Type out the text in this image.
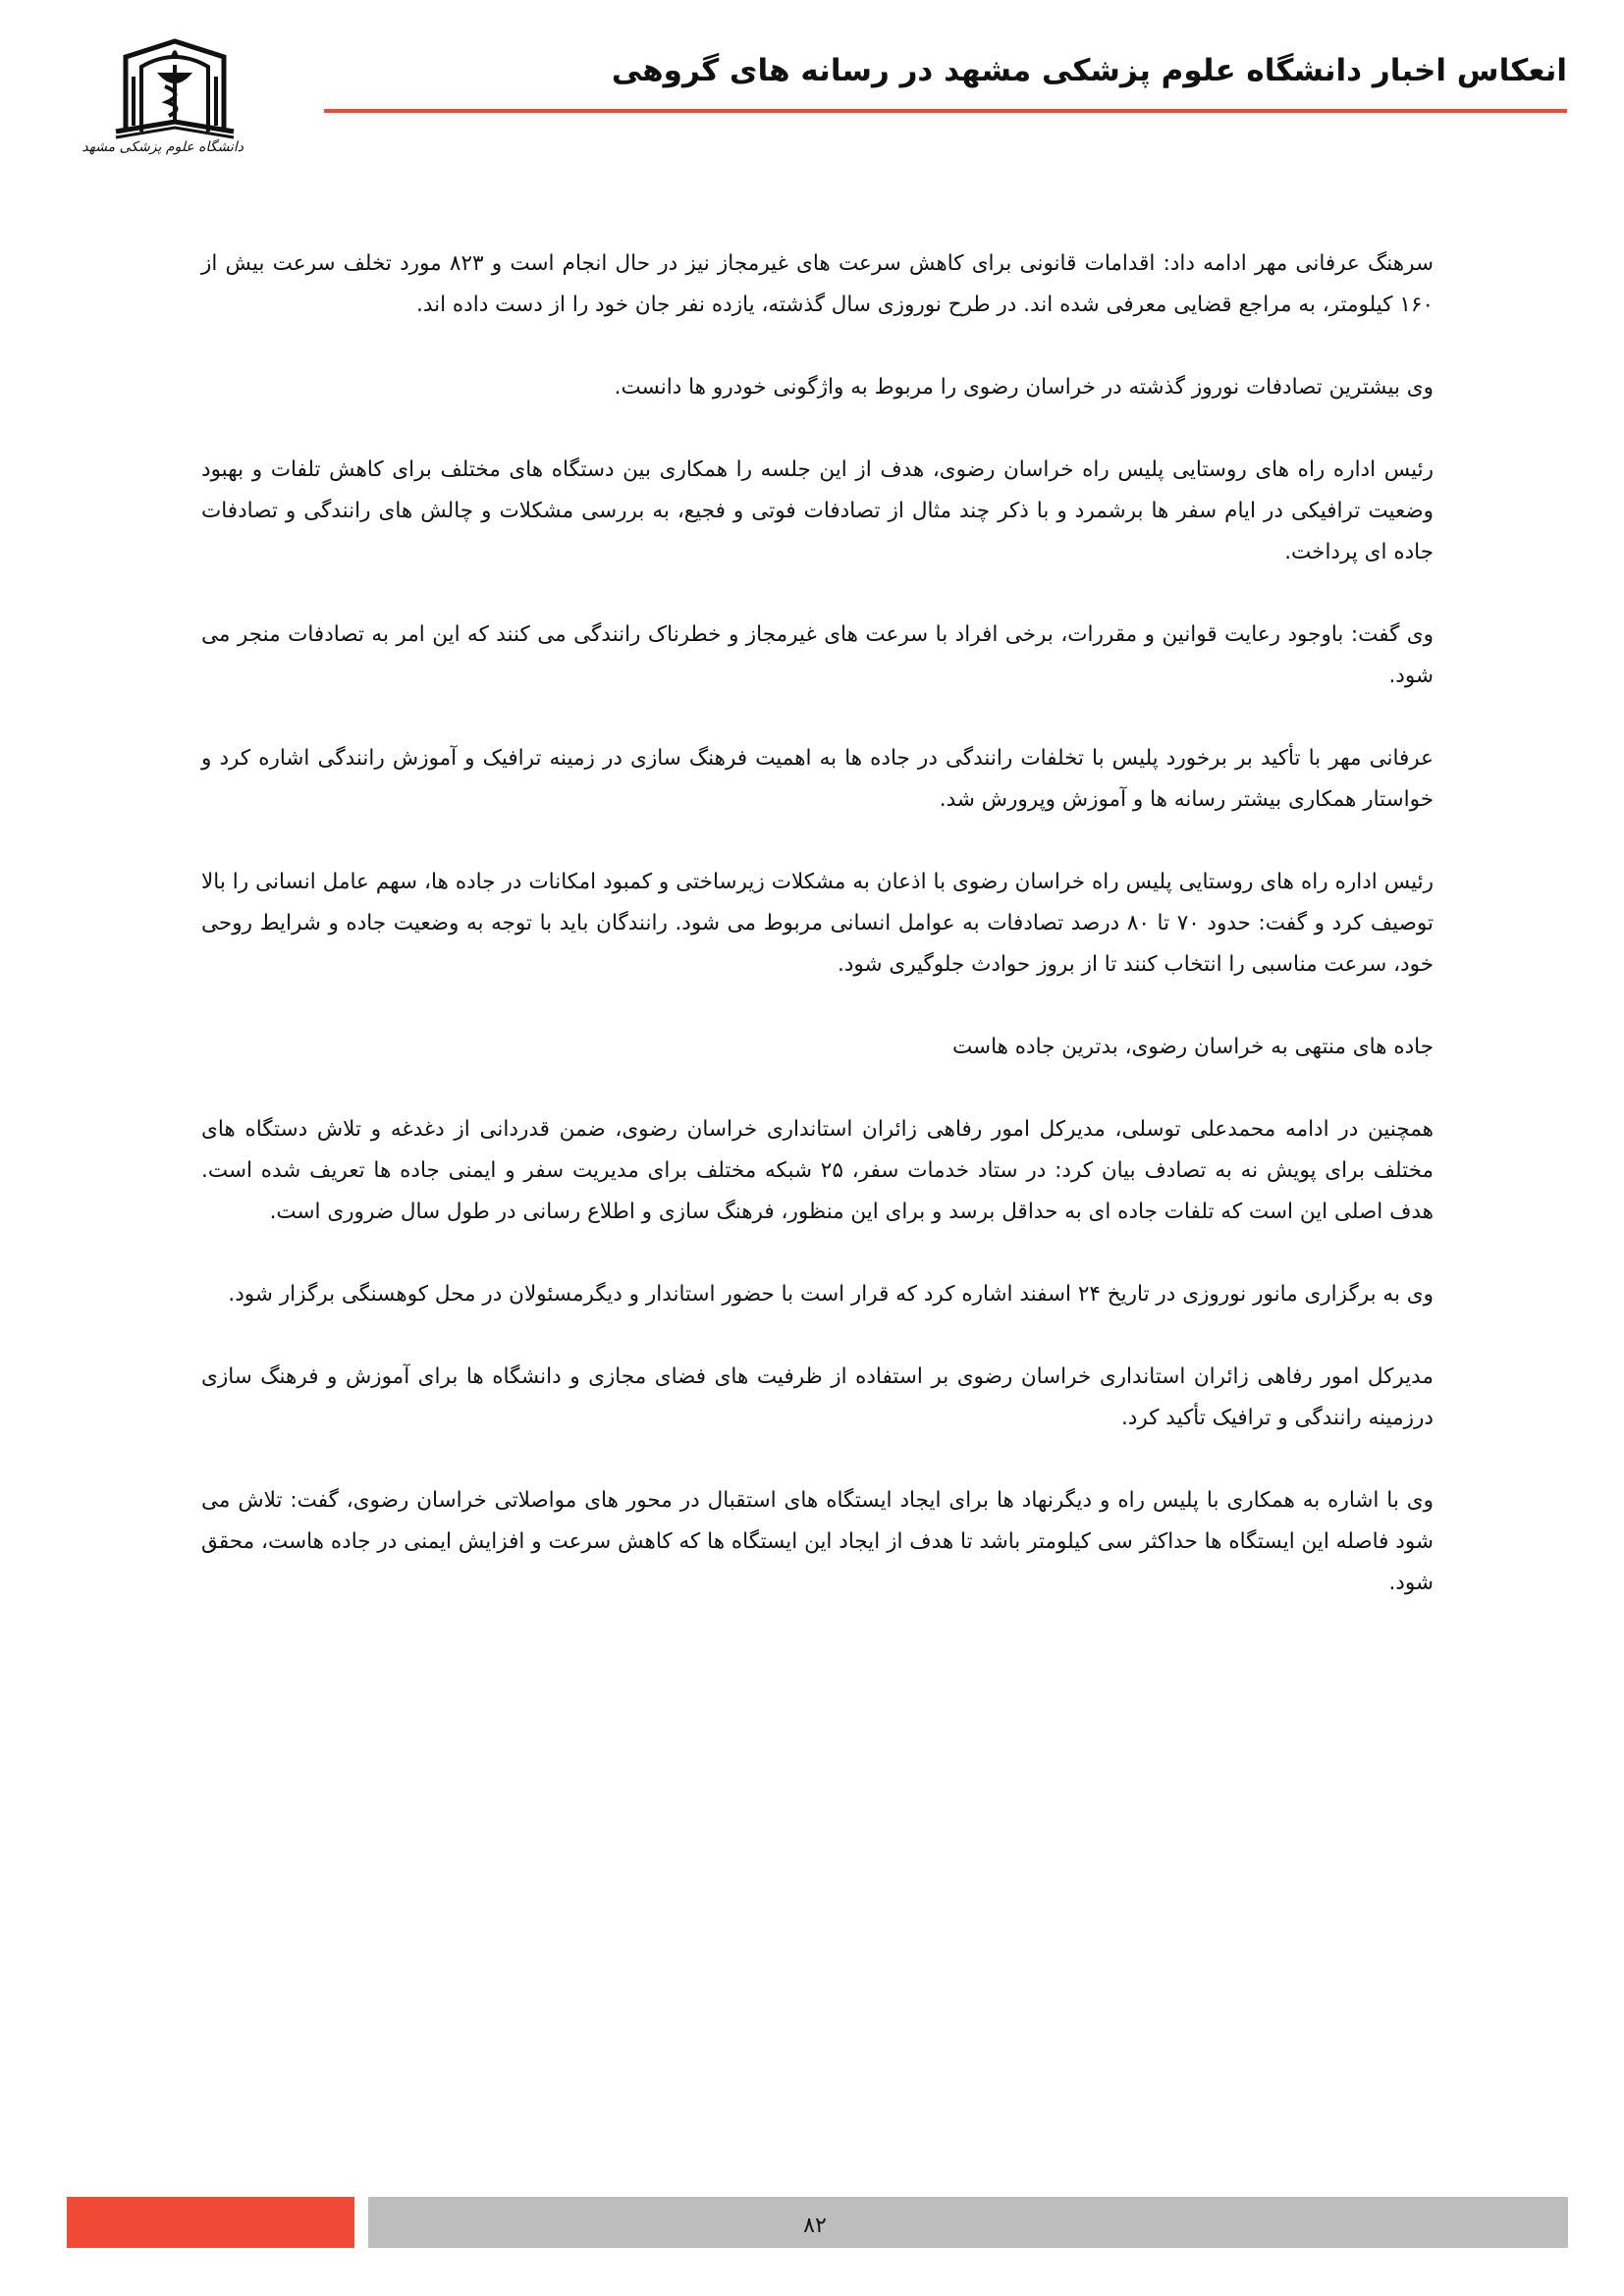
دانشگاه علوم پزشکی مشهد
انعکاس اخبار دانشگاه علوم پزشکی مشهد در رسانه های گروهی

سرهنگ عرفانی مهر ادامه داد: اقدامات قانونی برای کاهش سرعت های غیرمجاز نیز در حال انجام است و ۸۲۳ مورد تخلف سرعت بیش از ۱۶۰ کیلومتر، به مراجع قضایی معرفی شده اند. در طرح نوروزی سال گذشته، یازده نفر جان خود را از دست داده اند.

وی بیشترین تصادفات نوروز گذشته در خراسان رضوی را مربوط به واژگونی خودرو ها دانست.

رئیس اداره راه های روستایی پلیس راه خراسان رضوی، هدف از این جلسه را همکاری بین دستگاه های مختلف برای کاهش تلفات و بهبود وضعیت ترافیکی در ایام سفر ها برشمرد و با ذکر چند مثال از تصادفات فوتی و فجیع، به بررسی مشکلات و چالش های رانندگی و تصادفات جاده ای پرداخت.

وی گفت: باوجود رعایت قوانین و مقررات، برخی افراد با سرعت های غیرمجاز و خطرناک رانندگی می کنند که این امر به تصادفات منجر می شود.

عرفانی مهر با تأکید بر برخورد پلیس با تخلفات رانندگی در جاده ها به اهمیت فرهنگ سازی در زمینه ترافیک و آموزش رانندگی اشاره کرد و خواستار همکاری بیشتر رسانه ها و آموزش وپرورش شد.

رئیس اداره راه های روستایی پلیس راه خراسان رضوی با اذعان به مشکلات زیرساختی و کمبود امکانات در جاده ها، سهم عامل انسانی را بالا توصیف کرد و گفت: حدود ۷۰ تا ۸۰ درصد تصادفات به عوامل انسانی مربوط می شود. رانندگان باید با توجه به وضعیت جاده و شرایط روحی خود، سرعت مناسبی را انتخاب کنند تا از بروز حوادث جلوگیری شود.

جاده های منتهی به خراسان رضوی، بدترین جاده هاست

همچنین در ادامه محمدعلی توسلی، مدیرکل امور رفاهی زائران استانداری خراسان رضوی، ضمن قدردانی از دغدغه و تلاش دستگاه های مختلف برای پویش نه به تصادف بیان کرد: در ستاد خدمات سفر، ۲۵ شبکه مختلف برای مدیریت سفر و ایمنی جاده ها تعریف شده است. هدف اصلی این است که تلفات جاده ای به حداقل برسد و برای این منظور، فرهنگ سازی و اطلاع رسانی در طول سال ضروری است.

وی به برگزاری مانور نوروزی در تاریخ ۲۴ اسفند اشاره کرد که قرار است با حضور استاندار و دیگرمسئولان در محل کوهسنگی برگزار شود.

مدیرکل امور رفاهی زائران استانداری خراسان رضوی بر استفاده از ظرفیت های فضای مجازی و دانشگاه ها برای آموزش و فرهنگ سازی درزمینه رانندگی و ترافیک تأکید کرد.

وی با اشاره به همکاری با پلیس راه و دیگرنهاد ها برای ایجاد ایستگاه های استقبال در محور های مواصلاتی خراسان رضوی، گفت: تلاش می شود فاصله این ایستگاه ها حداکثر سی کیلومتر باشد تا هدف از ایجاد این ایستگاه ها که کاهش سرعت و افزایش ایمنی در جاده هاست، محقق شود.

۸۲
